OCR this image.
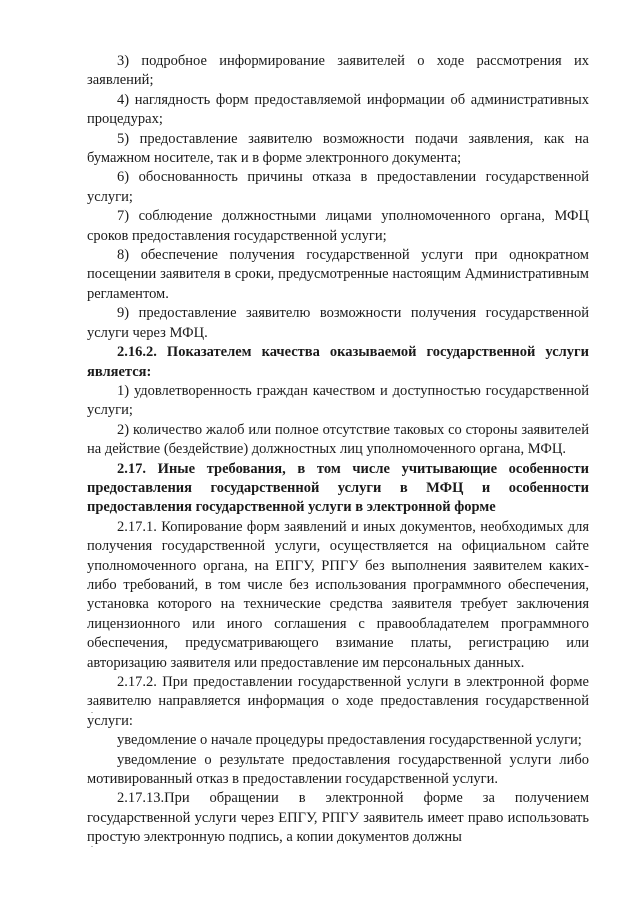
3) подробное информирование заявителей о ходе рассмотрения их заявлений;

4) наглядность форм предоставляемой информации об административных процедурах;

5) предоставление заявителю возможности подачи заявления, как на бумажном носителе, так и в форме электронного документа;

6) обоснованность причины отказа в предоставлении государственной услуги;

7) соблюдение должностными лицами уполномоченного органа, МФЦ сроков предоставления государственной услуги;

8) обеспечение получения государственной услуги при однократном посещении заявителя в сроки, предусмотренные настоящим Административным регламентом.

9) предоставление заявителю возможности получения государственной услуги через МФЦ.

2.16.2. Показателем качества оказываемой государственной услуги является:

1) удовлетворенность граждан качеством и доступностью государственной услуги;

2) количество жалоб или полное отсутствие таковых со стороны заявителей на действие (бездействие) должностных лиц уполномоченного органа, МФЦ.

2.17. Иные требования, в том числе учитывающие особенности предоставления государственной услуги в МФЦ и особенности предоставления государственной услуги в электронной форме

2.17.1. Копирование форм заявлений и иных документов, необходимых для получения государственной услуги, осуществляется на официальном сайте уполномоченного органа, на ЕПГУ, РПГУ без выполнения заявителем каких-либо требований, в том числе без использования программного обеспечения, установка которого на технические средства заявителя требует заключения лицензионного или иного соглашения с правообладателем программного обеспечения, предусматривающего взимание платы, регистрацию или авторизацию заявителя или предоставление им персональных данных.

2.17.2. При предоставлении государственной услуги в электронной форме заявителю направляется информация о ходе предоставления государственной услуги:

уведомление о начале процедуры предоставления государственной услуги;

уведомление о результате предоставления государственной услуги либо мотивированный отказ в предоставлении государственной услуги.

2.17.13.При обращении в электронной форме за получением государственной услуги через ЕПГУ, РПГУ заявитель имеет право использовать простую электронную подпись, а копии документов должны
